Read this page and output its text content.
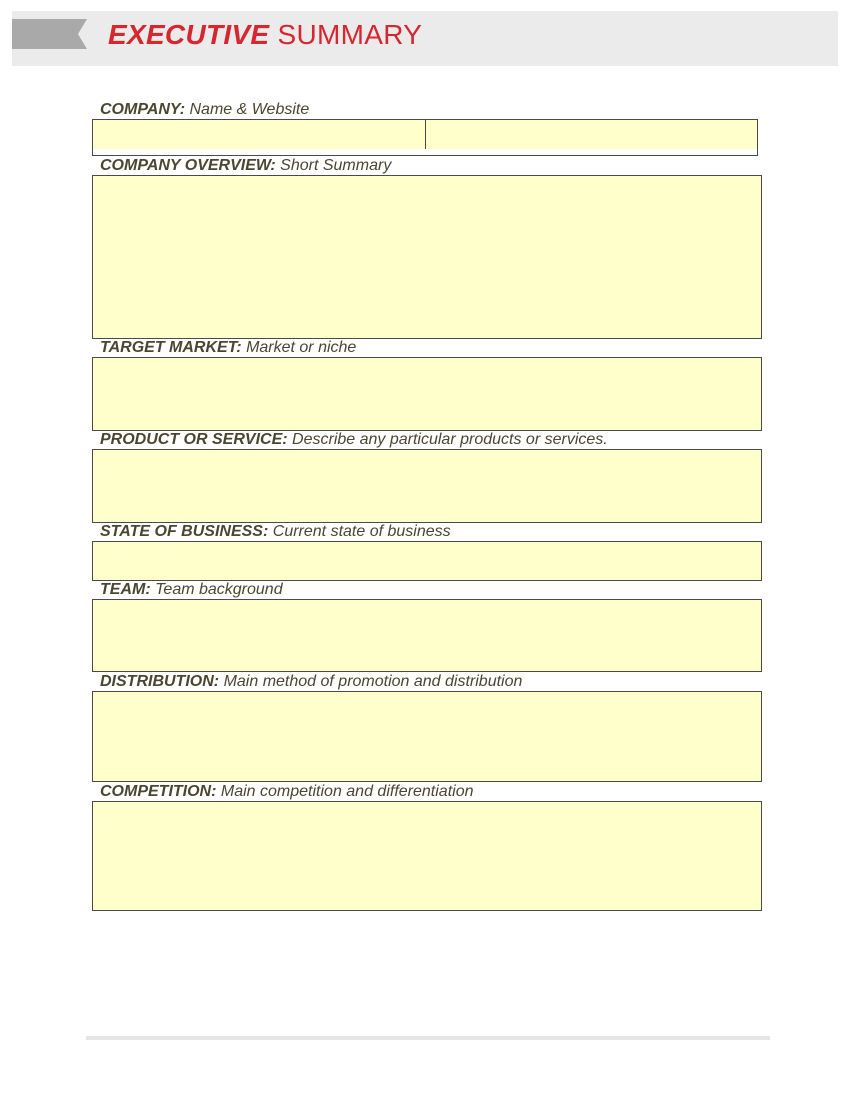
EXECUTIVE SUMMARY

COMPANY: Name & Website

COMPANY OVERVIEW: Short Summary

TARGET MARKET: Market or niche

PRODUCT OR SERVICE: Describe any particular products or services.

STATE OF BUSINESS: Current state of business

TEAM: Team background

DISTRIBUTION: Main method of promotion and distribution

COMPETITION: Main competition and differentiation
